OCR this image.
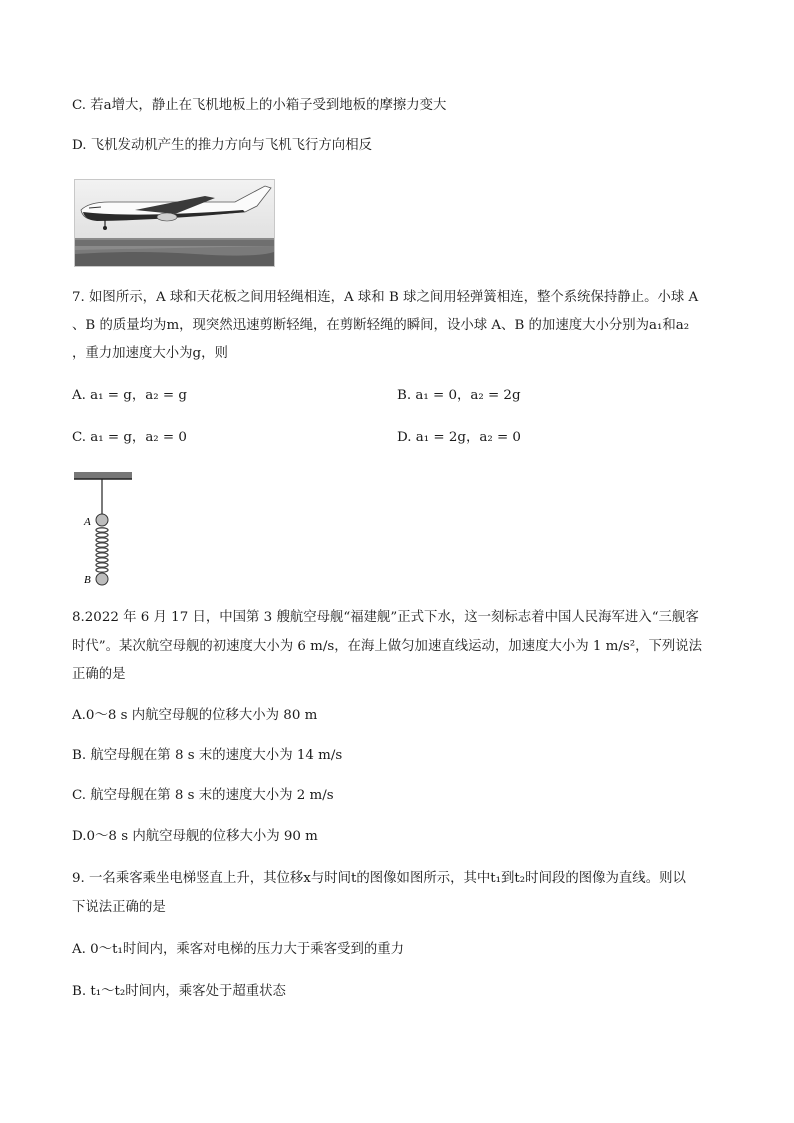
C. 若a增大，静止在飞机地板上的小箱子受到地板的摩擦力变大
D. 飞机发动机产生的推力方向与飞机飞行方向相反
7. 如图所示，A 球和天花板之间用轻绳相连，A 球和 B 球之间用轻弹簧相连，整个系统保持静止。小球 A
、B 的质量均为m，现突然迅速剪断轻绳，在剪断轻绳的瞬间，设小球 A、B 的加速度大小分别为a₁和a₂
，重力加速度大小为g，则
A. a₁ = g，a₂ = g	B. a₁ = 0，a₂ = 2g
C. a₁ = g，a₂ = 0	D. a₁ = 2g，a₂ = 0
A
B
8.2022 年 6 月 17 日，中国第 3 艘航空母舰“福建舰”正式下水，这一刻标志着中国人民海军进入“三舰客
时代”。某次航空母舰的初速度大小为 6 m/s，在海上做匀加速直线运动，加速度大小为 1 m/s²，下列说法
正确的是
A.0～8 s 内航空母舰的位移大小为 80 m
B. 航空母舰在第 8 s 末的速度大小为 14 m/s
C. 航空母舰在第 8 s 末的速度大小为 2 m/s
D.0～8 s 内航空母舰的位移大小为 90 m
9. 一名乘客乘坐电梯竖直上升，其位移x与时间t的图像如图所示，其中t₁到t₂时间段的图像为直线。则以
下说法正确的是
A. 0～t₁时间内，乘客对电梯的压力大于乘客受到的重力
B. t₁～t₂时间内，乘客处于超重状态
